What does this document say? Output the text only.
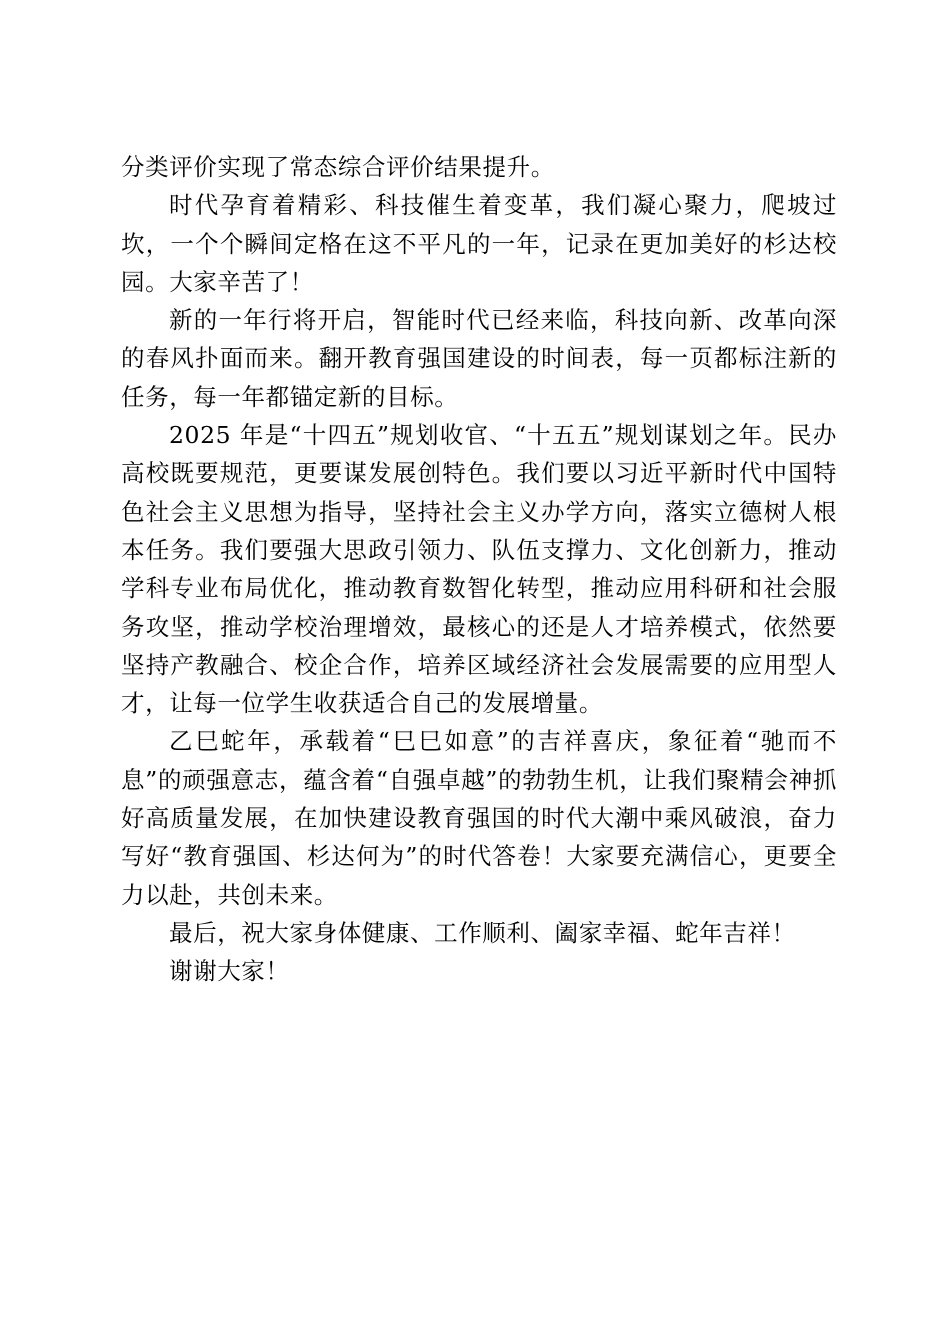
分类评价实现了常态综合评价结果提升。

时代孕育着精彩、科技催生着变革，我们凝心聚力，爬坡过坎，一个个瞬间定格在这不平凡的一年，记录在更加美好的杉达校园。大家辛苦了！

新的一年行将开启，智能时代已经来临，科技向新、改革向深的春风扑面而来。翻开教育强国建设的时间表，每一页都标注新的任务，每一年都锚定新的目标。

2025 年是“十四五”规划收官、“十五五”规划谋划之年。民办高校既要规范，更要谋发展创特色。我们要以习近平新时代中国特色社会主义思想为指导，坚持社会主义办学方向，落实立德树人根本任务。我们要强大思政引领力、队伍支撑力、文化创新力，推动学科专业布局优化，推动教育数智化转型，推动应用科研和社会服务攻坚，推动学校治理增效，最核心的还是人才培养模式，依然要坚持产教融合、校企合作，培养区域经济社会发展需要的应用型人才，让每一位学生收获适合自己的发展增量。

乙巳蛇年，承载着“巳巳如意”的吉祥喜庆，象征着“驰而不息”的顽强意志，蕴含着“自强卓越”的勃勃生机，让我们聚精会神抓好高质量发展，在加快建设教育强国的时代大潮中乘风破浪，奋力写好“教育强国、杉达何为”的时代答卷！大家要充满信心，更要全力以赴，共创未来。

最后，祝大家身体健康、工作顺利、阖家幸福、蛇年吉祥！

谢谢大家！
